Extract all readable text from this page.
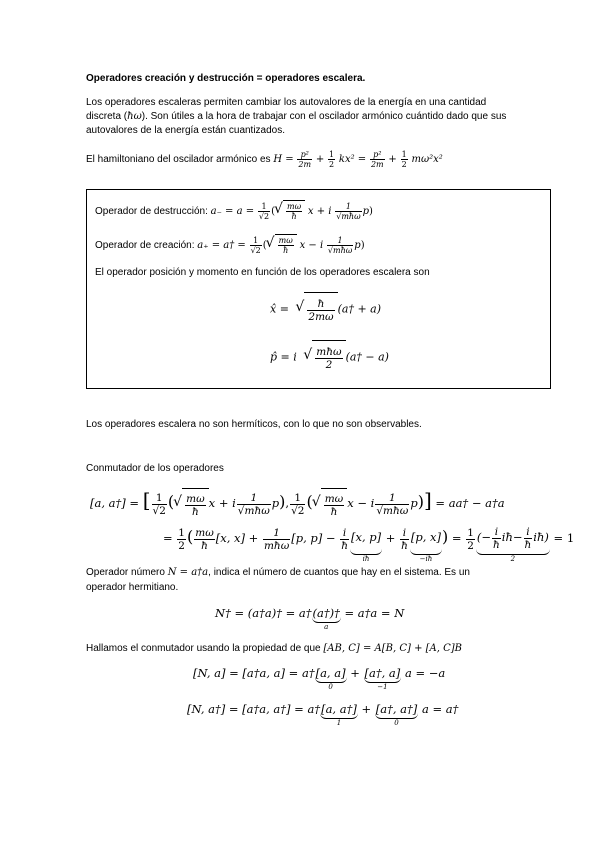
Operadores creación y destrucción = operadores escalera.
Los operadores escaleras permiten cambiar los autovalores de la energía en una cantidad
discreta (ħω). Son útiles a la hora de trabajar con el oscilador armónico cuántido dado que sus
autovalores de la energía están cuantizados.
El hamiltoniano del oscilador armónico es $H = \frac{\text{p²}}{2m} + \frac{1}{2} kx^2 = \frac{\text{p²}}{2m} + \frac{1}{2} m\omega^2x^2$
Operador de destrucción: $a_- = a = \frac{1}{√2}$ ( √ $\frac{m\omega}{ħ}$ x + i $\frac{1}{\text{√mħω}} p$)
Operador de creación: a₊ = a† = $\frac{1}{√2}$ ( √ $\frac{m\omega}{ħ}$ x − i $\frac{1}{\text{√mħω}} p$)
El operador posición y momento en función de los operadores escalera son
x̂ = √ $\frac{ħ}{2m\omega}$ (a† + a)
p̂ = i √ $\frac{\text{mħω}}{2}$ (a† − a)
Los operadores escalera no son hermíticos, con lo que no son observables.
Conmutador de los operadores
[a, a†] = [ $\frac{1}{√2}$ ( √ $\frac{m\omega}{ħ}$ x + i $\frac{1}{\text{√mħω}} p$), $\frac{1}{√2}$ ( √ $\frac{m\omega}{ħ}$ x − i $\frac{1}{\text{√mħω}} p$)] = aa† − a†a
= $\frac{1}{2}$ ( $\frac{m\omega}{ħ} [x$, $x] + \frac{1}{\text{mħω}} [p$, $p] - \frac{i}{ħ} [x$, p]
iħ
+ $\frac{i}{ħ} [p$, x]
−iħ
) = $\frac{1}{2}$ (− $\frac{i}{ħ}$ iħ− $\frac{i}{ħ}$ iħ)
2
= 1
Operador número N = a†a, indica el número de cuantos que hay en el sistema. Es un
operador hermitiano.
N† = (a†a)† = a† (a†)†
a
= a†a = N
Hallamos el conmutador usando la propiedad de que [AB, C] = A[B, C] + [A, C]B
[N, a] = [a†a, a] = a† [a, a]
0
+ [a†, a]
−1
a = −a
[N, a†] = [a†a, a†] = a† [a, a†]
1
+ [a†, a†]
0
a = a†
